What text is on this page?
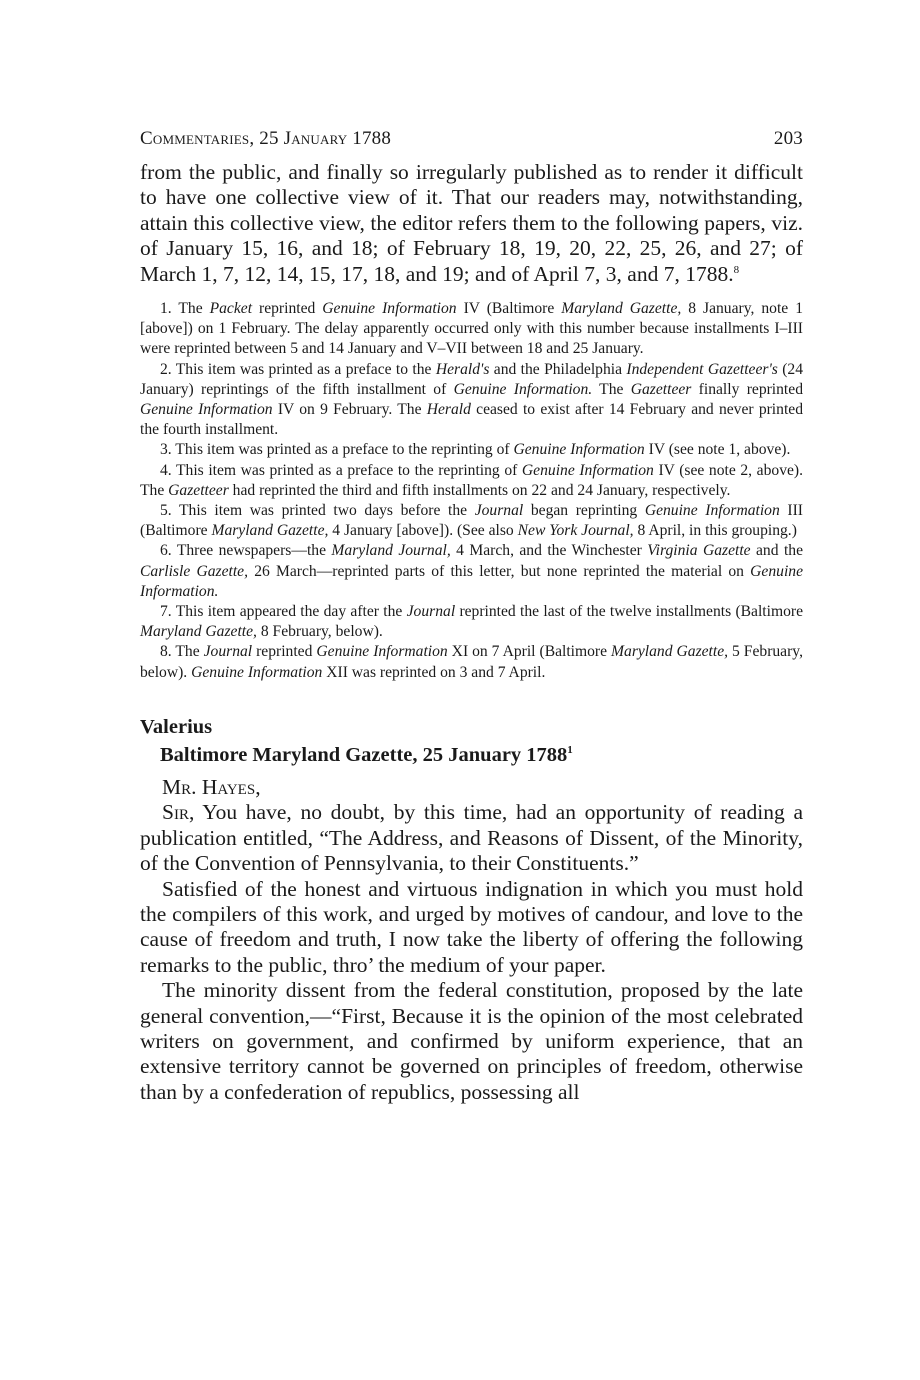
Commentaries, 25 January 1788	203

from the public, and finally so irregularly published as to render it difficult to have one collective view of it. That our readers may, notwithstanding, attain this collective view, the editor refers them to the following papers, viz. of January 15, 16, and 18; of February 18, 19, 20, 22, 25, 26, and 27; of March 1, 7, 12, 14, 15, 17, 18, and 19; and of April 7, 3, and 7, 1788.$^8$

1. The Packet reprinted Genuine Information IV (Baltimore Maryland Gazette, 8 January, note 1 [above]) on 1 February. The delay apparently occurred only with this number because installments I–III were reprinted between 5 and 14 January and V–VII between 18 and 25 January.

2. This item was printed as a preface to the Herald's and the Philadelphia Independent Gazetteer's (24 January) reprintings of the fifth installment of Genuine Information. The Gazetteer finally reprinted Genuine Information IV on 9 February. The Herald ceased to exist after 14 February and never printed the fourth installment.

3. This item was printed as a preface to the reprinting of Genuine Information IV (see note 1, above).

4. This item was printed as a preface to the reprinting of Genuine Information IV (see note 2, above). The Gazetteer had reprinted the third and fifth installments on 22 and 24 January, respectively.

5. This item was printed two days before the Journal began reprinting Genuine Information III (Baltimore Maryland Gazette, 4 January [above]). (See also New York Journal, 8 April, in this grouping.)

6. Three newspapers—the Maryland Journal, 4 March, and the Winchester Virginia Gazette and the Carlisle Gazette, 26 March—reprinted parts of this letter, but none reprinted the material on Genuine Information.

7. This item appeared the day after the Journal reprinted the last of the twelve installments (Baltimore Maryland Gazette, 8 February, below).

8. The Journal reprinted Genuine Information XI on 7 April (Baltimore Maryland Gazette, 5 February, below). Genuine Information XII was reprinted on 3 and 7 April.

Valerius

Baltimore Maryland Gazette, 25 January 1788$^1$

Mr. Hayes,

Sir, You have, no doubt, by this time, had an opportunity of reading a publication entitled, “The Address, and Reasons of Dissent, of the Minority, of the Convention of Pennsylvania, to their Constituents.”

Satisfied of the honest and virtuous indignation in which you must hold the compilers of this work, and urged by motives of candour, and love to the cause of freedom and truth, I now take the liberty of offering the following remarks to the public, thro’ the medium of your paper.

The minority dissent from the federal constitution, proposed by the late general convention,—“First, Because it is the opinion of the most celebrated writers on government, and confirmed by uniform experience, that an extensive territory cannot be governed on principles of freedom, otherwise than by a confederation of republics, possessing all
